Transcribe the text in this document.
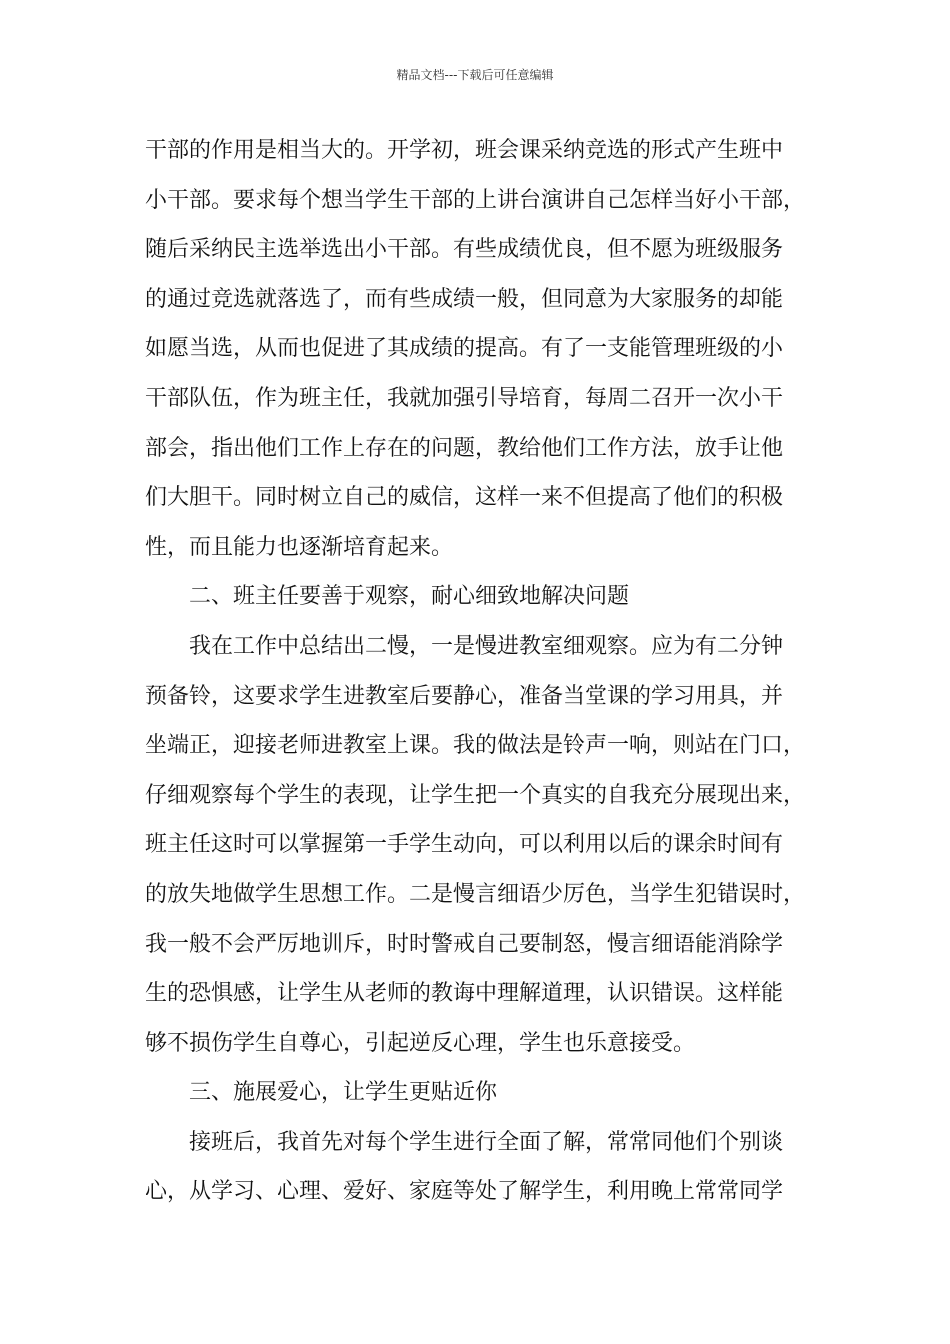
精品文档---下载后可任意编辑
干部的作用是相当大的。开学初，班会课采纳竞选的形式产生班中
小干部。要求每个想当学生干部的上讲台演讲自己怎样当好小干部，
随后采纳民主选举选出小干部。有些成绩优良，但不愿为班级服务
的通过竞选就落选了，而有些成绩一般，但同意为大家服务的却能
如愿当选，从而也促进了其成绩的提高。有了一支能管理班级的小
干部队伍，作为班主任，我就加强引导培育，每周二召开一次小干
部会，指出他们工作上存在的问题，教给他们工作方法，放手让他
们大胆干。同时树立自己的威信，这样一来不但提高了他们的积极
性，而且能力也逐渐培育起来。
二、班主任要善于观察，耐心细致地解决问题
我在工作中总结出二慢，一是慢进教室细观察。应为有二分钟
预备铃，这要求学生进教室后要静心，准备当堂课的学习用具，并
坐端正，迎接老师进教室上课。我的做法是铃声一响，则站在门口，
仔细观察每个学生的表现，让学生把一个真实的自我充分展现出来，
班主任这时可以掌握第一手学生动向，可以利用以后的课余时间有
的放失地做学生思想工作。二是慢言细语少厉色，当学生犯错误时，
我一般不会严厉地训斥，时时警戒自己要制怒，慢言细语能消除学
生的恐惧感，让学生从老师的教诲中理解道理，认识错误。这样能
够不损伤学生自尊心，引起逆反心理，学生也乐意接受。
三、施展爱心，让学生更贴近你
接班后，我首先对每个学生进行全面了解，常常同他们个别谈
心，从学习、心理、爱好、家庭等处了解学生，利用晚上常常同学
